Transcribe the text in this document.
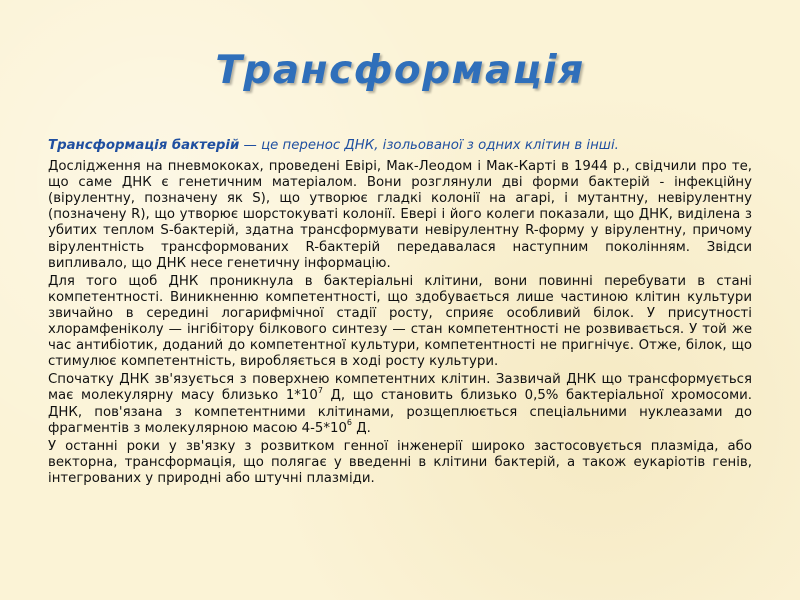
Трансформація

Трансформація бактерій — це перенос ДНК, ізольованої з одних клітин в інші.

Дослідження на пневмококах, проведені Евірі, Мак-Леодом і Мак-Карті в 1944 р., свідчили про те, що саме ДНК є генетичним матеріалом. Вони розглянули дві форми бактерій - інфекційну (вірулентну, позначену як S), що утворює гладкі колонії на агарі, і мутантну, невірулентну (позначену R), що утворює шорстокуваті колонії. Евері і його колеги показали, що ДНК, виділена з убитих теплом S-бактерій, здатна трансформувати невірулентну R-форму у вірулентну, причому вірулентність трансформованих R-бактерій передавалася наступним поколінням. Звідси випливало, що ДНК несе генетичну інформацію.

Для того щоб ДНК проникнула в бактеріальні клітини, вони повинні перебувати в стані компетентності. Виникненню компетентності, що здобувається лише частиною клітин культури звичайно в середині логарифмічної стадії росту, сприяє особливий білок. У присутності хлорамфеніколу — інгібітору білкового синтезу — стан компетентності не розвивається. У той же час антибіотик, доданий до компетентної культури, компетентності не пригнічує. Отже, білок, що стимулює компетентність, виробляється в ході росту культури.

Спочатку ДНК зв'язується з поверхнею компетентних клітин. Зазвичай ДНК що трансформується має молекулярну масу близько $1*10^7$ Д, що становить близько 0,5% бактеріальної хромосоми. ДНК, пов'язана з компетентними клітинами, розщеплюється спеціальними нуклеазами до фрагментів з молекулярною масою $4-5*10^6$ Д.

У останні роки у зв'язку з розвитком генної інженерії широко застосовується плазміда, або векторна, трансформація, що полягає у введенні в клітини бактерій, а також еукаріотів генів, інтегрованих у природні або штучні плазміди.
